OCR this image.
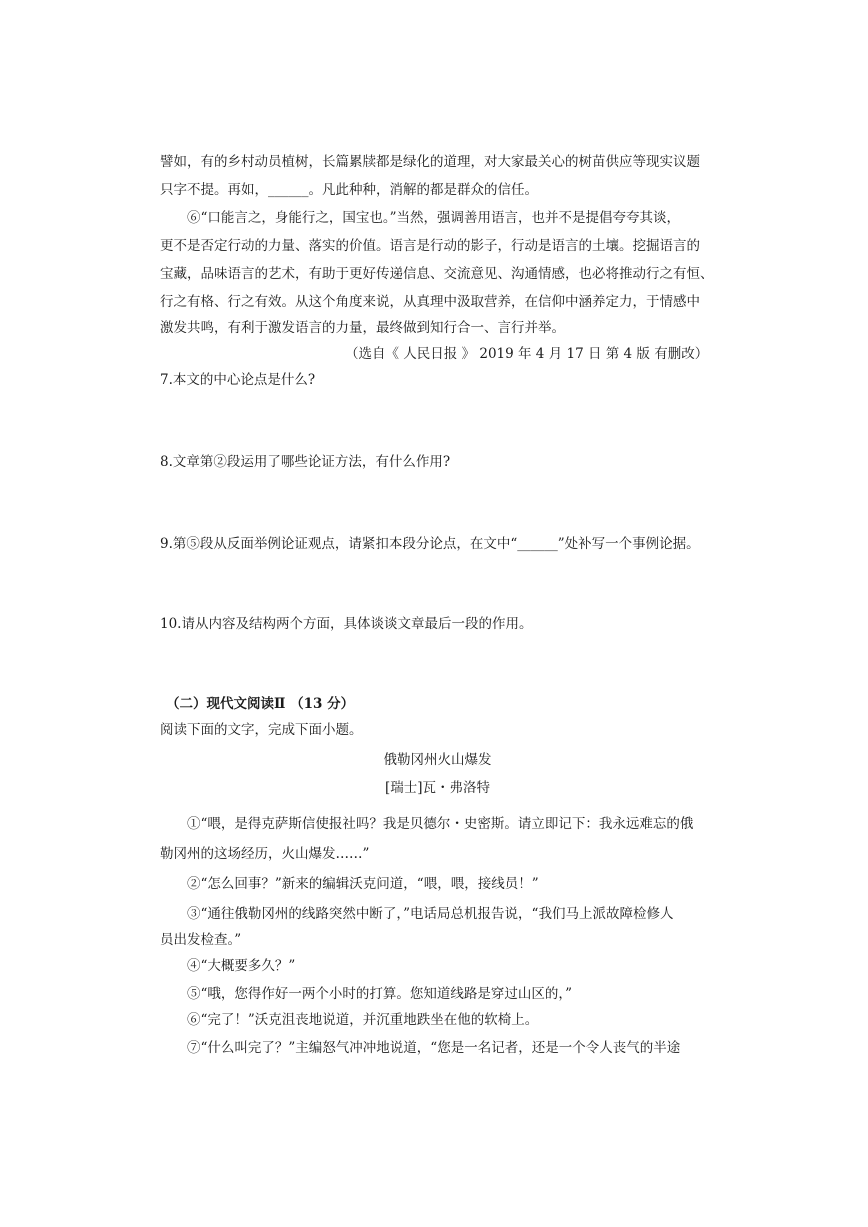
譬如，有的乡村动员植树，长篇累牍都是绿化的道理，对大家最关心的树苗供应等现实议题
只字不提。再如，______。凡此种种，消解的都是群众的信任。
⑥“口能言之，身能行之，国宝也。”当然，强调善用语言，也并不是提倡夸夸其谈，
更不是否定行动的力量、落实的价值。语言是行动的影子，行动是语言的土壤。挖掘语言的
宝藏，品味语言的艺术，有助于更好传递信息、交流意见、沟通情感，也必将推动行之有恒、
行之有格、行之有效。从这个角度来说，从真理中汲取营养，在信仰中涵养定力，于情感中
激发共鸣，有利于激发语言的力量，最终做到知行合一、言行并举。
（选自《 人民日报 》 2019 年 4 月 17 日 第 4 版 有删改）
7.本文的中心论点是什么?
8.文章第②段运用了哪些论证方法，有什么作用?
9.第⑤段从反面举例论证观点，请紧扣本段分论点，在文中“______”处补写一个事例论据。
10.请从内容及结构两个方面，具体谈谈文章最后一段的作用。
（二）现代文阅读Ⅱ （13 分）
阅读下面的文字，完成下面小题。
俄勒冈州火山爆发
[瑞士]瓦・弗洛特
①“喂，是得克萨斯信使报社吗？我是贝德尔・史密斯。请立即记下：我永远难忘的俄
勒冈州的这场经历，火山爆发……”
②“怎么回事？”新来的编辑沃克问道，“喂，喂，接线员！”
③“通往俄勒冈州的线路突然中断了，”电话局总机报告说，“我们马上派故障检修人
员出发检查。”
④“大概要多久？”
⑤“哦，您得作好一两个小时的打算。您知道线路是穿过山区的，”
⑥“完了！”沃克沮丧地说道，并沉重地跌坐在他的软椅上。
⑦“什么叫完了？”主编怒气冲冲地说道，“您是一名记者，还是一个令人丧气的半途
